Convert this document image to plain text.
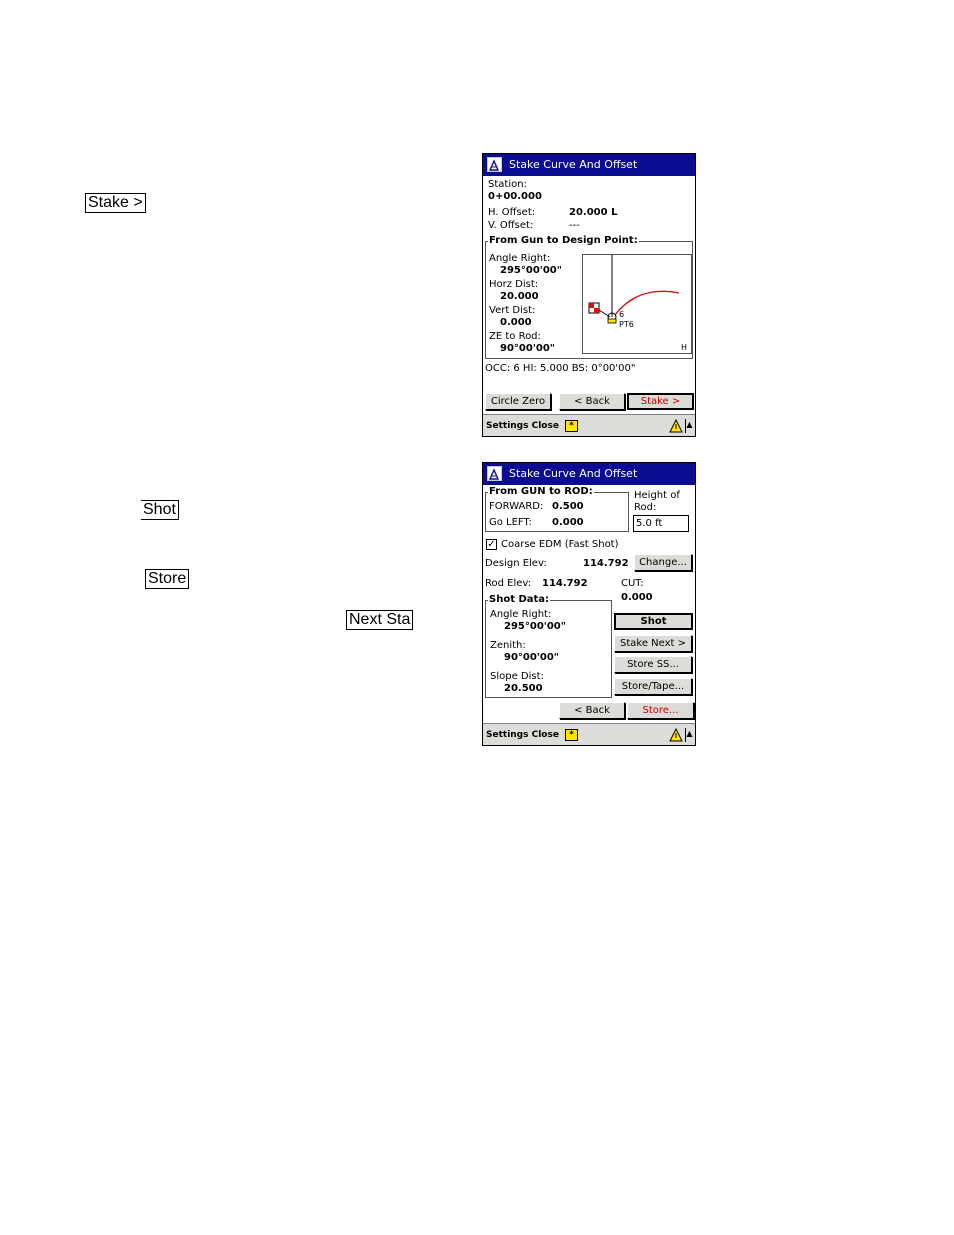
Stake >
Shot
Store
Next Sta
Stake Curve And Offset
Station:
0+00.000
H. Offset:	20.000 L
V. Offset:	---
From Gun to Design Point:
Angle Right:
295°00'00"
Horz Dist:
20.000
Vert Dist:
0.000
ZE to Rod:
90°00'00"
6
PT6
H
OCC: 6 HI: 5.000 BS: 0°00'00"
Circle Zero	< Back	Stake >
Settings Close	*	▲
Stake Curve And Offset
From GUN to ROD:
FORWARD: 0.500
Go LEFT: 0.000
Height of
Rod:
5.0 ft
✓ Coarse EDM (Fast Shot)
Design Elev:	114.792	Change...
Rod Elev: 114.792	CUT:
0.000
Shot Data:
Angle Right:
295°00'00"
Zenith:
90°00'00"
Slope Dist:
20.500
Shot
Stake Next >
Store SS...
Store/Tape...
< Back	Store...
Settings Close	*	▲
